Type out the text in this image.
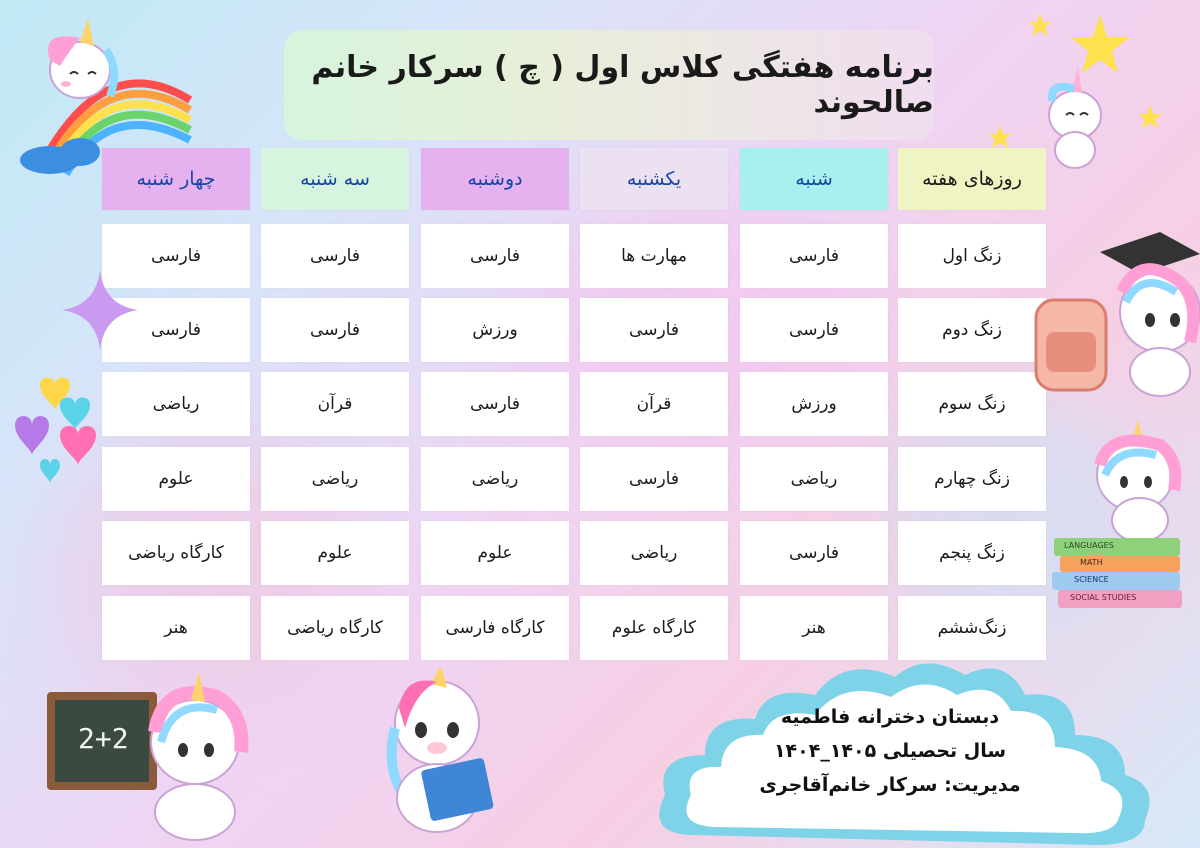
برنامه هفتگی کلاس اول ( چ ) سرکار خانم صالحوند
روزهای هفته
شنبه
یکشنبه
دوشنبه
سه شنبه
چهار شنبه
زنگ اول
فارسی
مهارت ها
فارسی
فارسی
فارسی
زنگ دوم
فارسی
فارسی
ورزش
فارسی
فارسی
زنگ سوم
ورزش
قرآن
فارسی
قرآن
ریاضی
زنگ چهارم
ریاضی
فارسی
ریاضی
ریاضی
علوم
زنگ پنجم
فارسی
ریاضی
علوم
علوم
کارگاه ریاضی
زنگ‌ششم
هنر
کارگاه علوم
کارگاه فارسی
کارگاه ریاضی
هنر
LANGUAGES
MATH
SCIENCE
SOCIAL STUDIES
2+2
دبستان دخترانه فاطمیه
سال تحصیلی ۱۴۰۵_۱۴۰۴
مدیریت: سرکار خانم‌آقاجری
